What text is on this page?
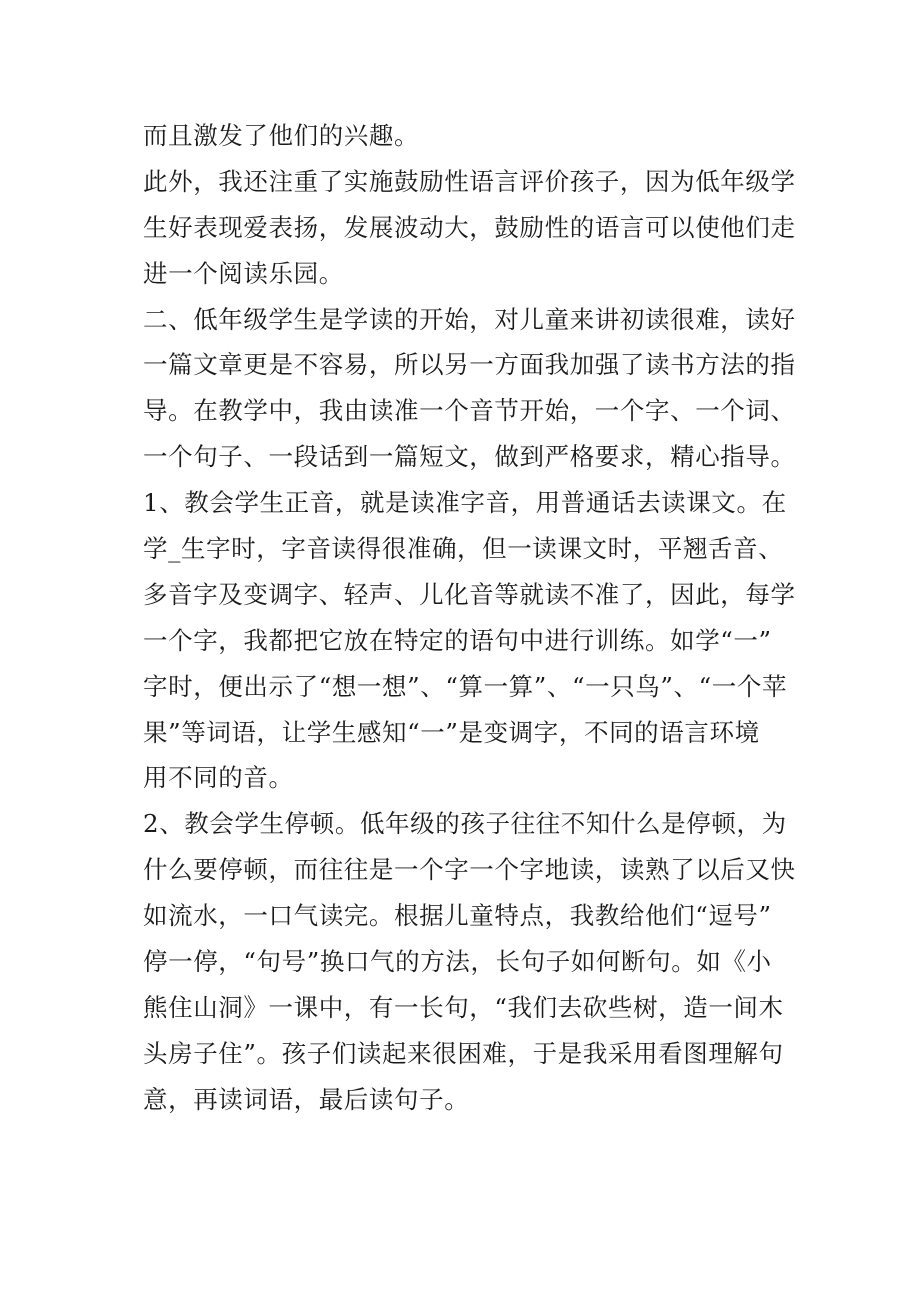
而且激发了他们的兴趣。
此外，我还注重了实施鼓励性语言评价孩子，因为低年级学
生好表现爱表扬，发展波动大，鼓励性的语言可以使他们走
进一个阅读乐园。
二、低年级学生是学读的开始，对儿童来讲初读很难，读好
一篇文章更是不容易，所以另一方面我加强了读书方法的指
导。在教学中，我由读准一个音节开始，一个字、一个词、
一个句子、一段话到一篇短文，做到严格要求，精心指导。
1、教会学生正音，就是读准字音，用普通话去读课文。在
学_生字时，字音读得很准确，但一读课文时，平翘舌音、
多音字及变调字、轻声、儿化音等就读不准了，因此，每学
一个字，我都把它放在特定的语句中进行训练。如学“一”
字时，便出示了“想一想”、“算一算”、“一只鸟”、“一个苹
果”等词语，让学生感知“一”是变调字，不同的语言环境
用不同的音。
2、教会学生停顿。低年级的孩子往往不知什么是停顿，为
什么要停顿，而往往是一个字一个字地读，读熟了以后又快
如流水，一口气读完。根据儿童特点，我教给他们“逗号”
停一停，“句号”换口气的方法，长句子如何断句。如《小
熊住山洞》一课中，有一长句，“我们去砍些树，造一间木
头房子住”。孩子们读起来很困难，于是我采用看图理解句
意，再读词语，最后读句子。
